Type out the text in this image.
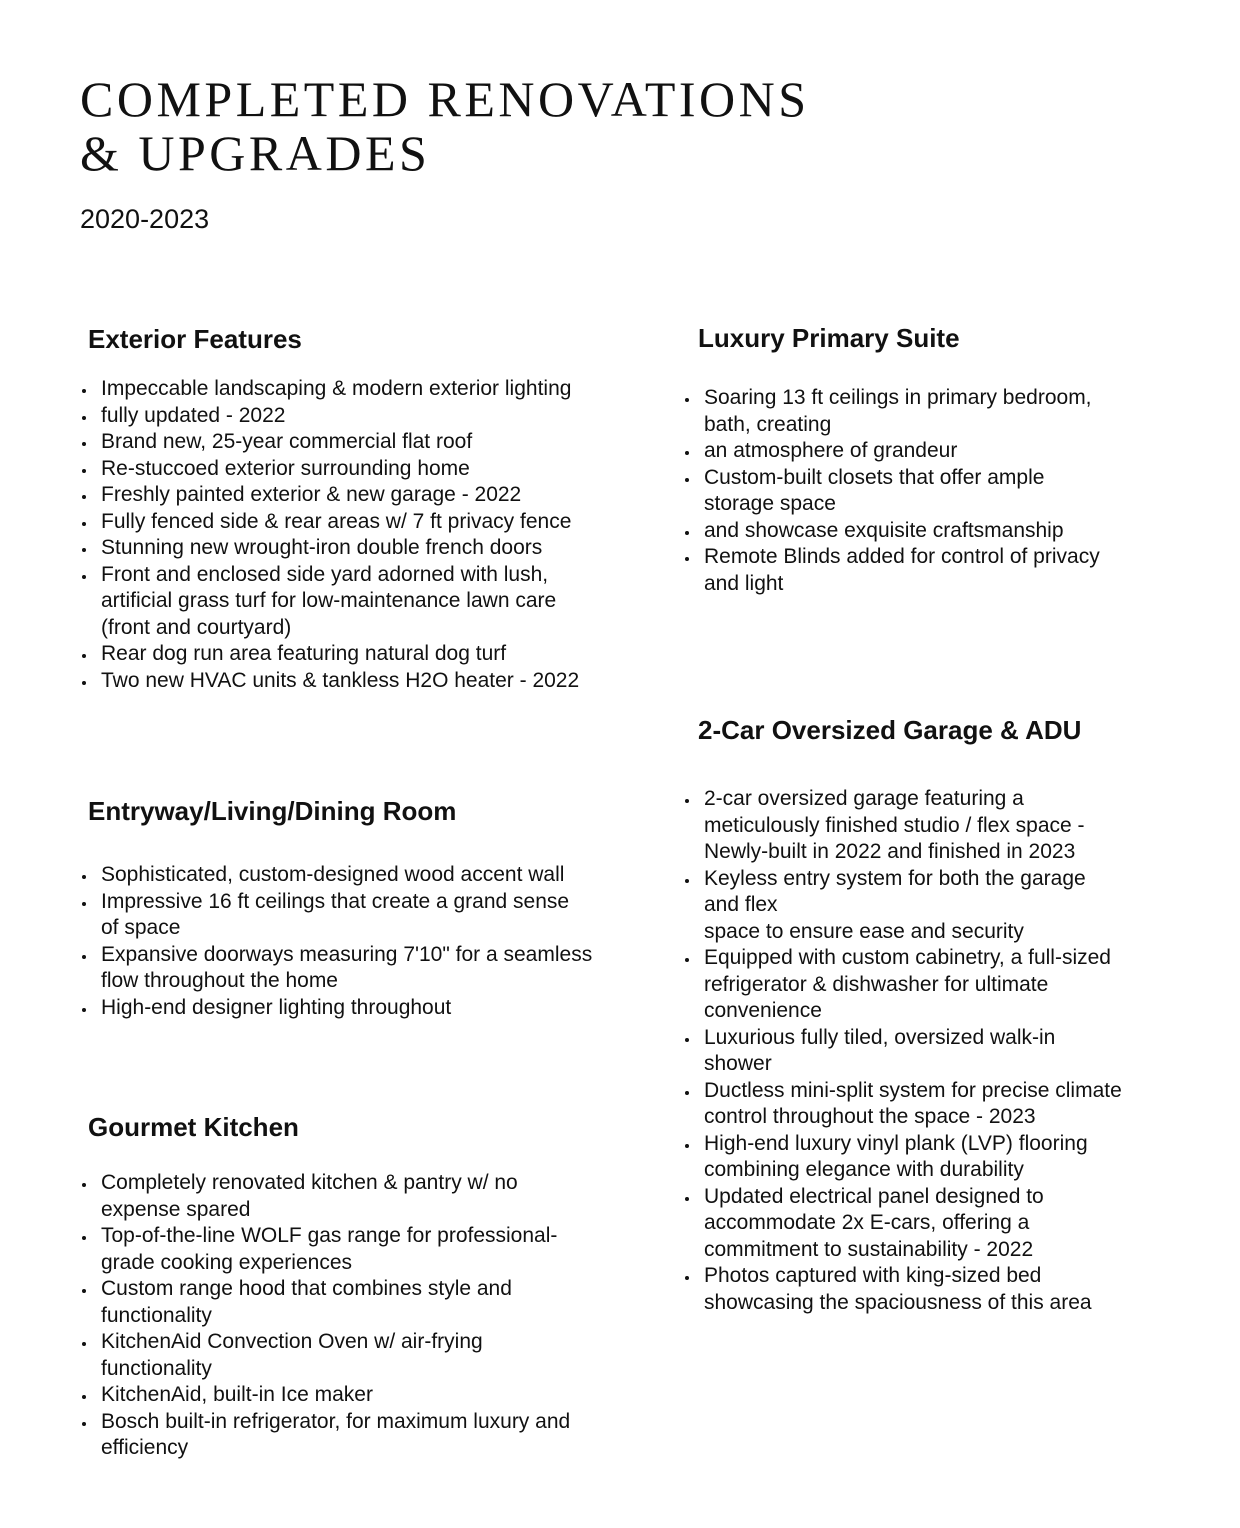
COMPLETED RENOVATIONS
& UPGRADES
2020-2023
Exterior Features
Impeccable landscaping & modern exterior lighting
fully updated - 2022
Brand new, 25-year commercial flat roof
Re-stuccoed exterior surrounding home
Freshly painted exterior & new garage - 2022
Fully fenced side & rear areas w/ 7 ft privacy fence
Stunning new wrought-iron double french doors
Front and enclosed side yard adorned with lush,
artificial grass turf for low-maintenance lawn care
(front and courtyard)
Rear dog run area featuring natural dog turf
Two new HVAC units & tankless H2O heater - 2022
Entryway/Living/Dining Room
Sophisticated, custom-designed wood accent wall
Impressive 16 ft ceilings that create a grand sense
of space
Expansive doorways measuring 7'10" for a seamless
flow throughout the home
High-end designer lighting throughout
Gourmet Kitchen
Completely renovated kitchen & pantry w/ no
expense spared
Top-of-the-line WOLF gas range for professional-
grade cooking experiences
Custom range hood that combines style and
functionality
KitchenAid Convection Oven w/ air-frying
functionality
KitchenAid, built-in Ice maker
Bosch built-in refrigerator, for maximum luxury and
efficiency
Luxury Primary Suite
Soaring 13 ft ceilings in primary bedroom,
bath, creating
an atmosphere of grandeur
Custom-built closets that offer ample
storage space
and showcase exquisite craftsmanship
Remote Blinds added for control of privacy
and light
2-Car Oversized Garage & ADU
2-car oversized garage featuring a
meticulously finished studio / flex space -
Newly-built in 2022 and finished in 2023
Keyless entry system for both the garage
and flex
space to ensure ease and security
Equipped with custom cabinetry, a full-sized
refrigerator & dishwasher for ultimate
convenience
Luxurious fully tiled, oversized walk-in
shower
Ductless mini-split system for precise climate
control throughout the space - 2023
High-end luxury vinyl plank (LVP) flooring
combining elegance with durability
Updated electrical panel designed to
accommodate 2x E-cars, offering a
commitment to sustainability - 2022
Photos captured with king-sized bed
showcasing the spaciousness of this area
